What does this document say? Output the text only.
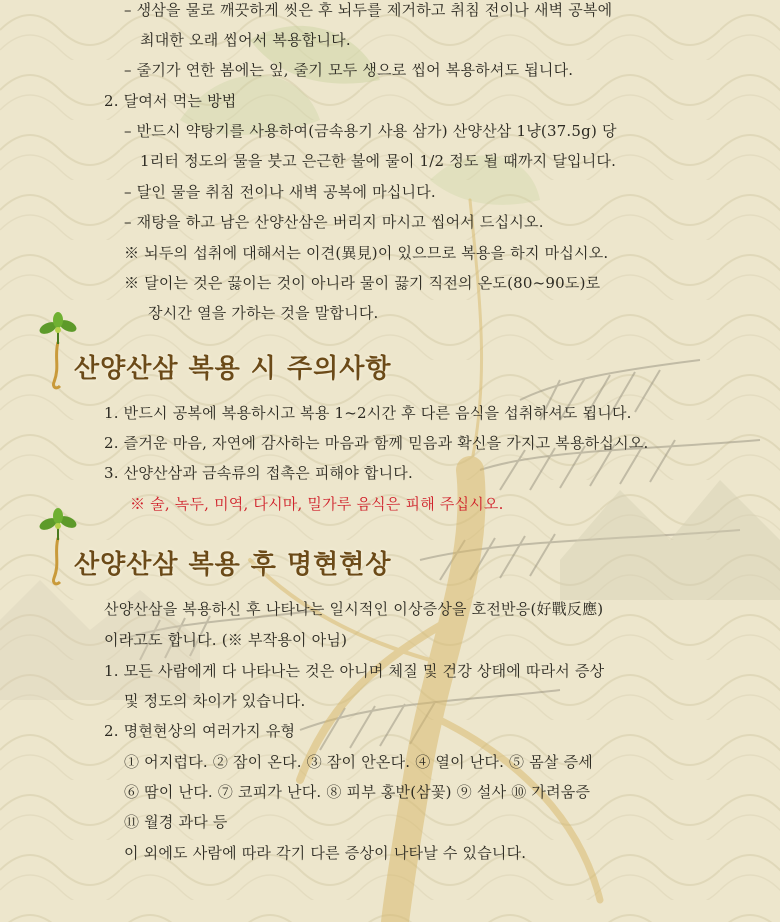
– 생삼을 물로 깨끗하게 씻은 후 뇌두를 제거하고 취침 전이나 새벽 공복에
최대한 오래 씹어서 복용합니다.
– 줄기가 연한 봄에는 잎, 줄기 모두 생으로 씹어 복용하셔도 됩니다.
2. 달여서 먹는 방법
– 반드시 약탕기를 사용하여(금속용기 사용 삼가) 산양산삼 1냥(37.5g) 당
1리터 정도의 물을 붓고 은근한 불에 물이 1/2 정도 될 때까지 달입니다.
– 달인 물을 취침 전이나 새벽 공복에 마십니다.
– 재탕을 하고 남은 산양산삼은 버리지 마시고 씹어서 드십시오.
※ 뇌두의 섭취에 대해서는 이견(異見)이 있으므로 복용을 하지 마십시오.
※ 달이는 것은 끓이는 것이 아니라 물이 끓기 직전의 온도(80~90도)로
장시간 열을 가하는 것을 말합니다.
산양산삼 복용 시 주의사항
1. 반드시 공복에 복용하시고 복용 1~2시간 후 다른 음식을 섭취하셔도 됩니다.
2. 즐거운 마음, 자연에 감사하는 마음과 함께 믿음과 확신을 가지고 복용하십시오.
3. 산양산삼과 금속류의 접촉은 피해야 합니다.
※ 술, 녹두, 미역, 다시마, 밀가루 음식은 피해 주십시오.
산양산삼 복용 후 명현현상
산양산삼을 복용하신 후 나타나는 일시적인 이상증상을 호전반응(好戰反應)
이라고도 합니다. (※ 부작용이 아님)
1. 모든 사람에게 다 나타나는 것은 아니며 체질 및 건강 상태에 따라서 증상
및 정도의 차이가 있습니다.
2. 명현현상의 여러가지 유형
① 어지럽다. ② 잠이 온다. ③ 잠이 안온다. ④ 열이 난다. ⑤ 몸살 증세
⑥ 땀이 난다. ⑦ 코피가 난다. ⑧ 피부 홍반(삼꽃) ⑨ 설사 ⑩ 가려움증
⑪ 월경 과다 등
이 외에도 사람에 따라 각기 다른 증상이 나타날 수 있습니다.
